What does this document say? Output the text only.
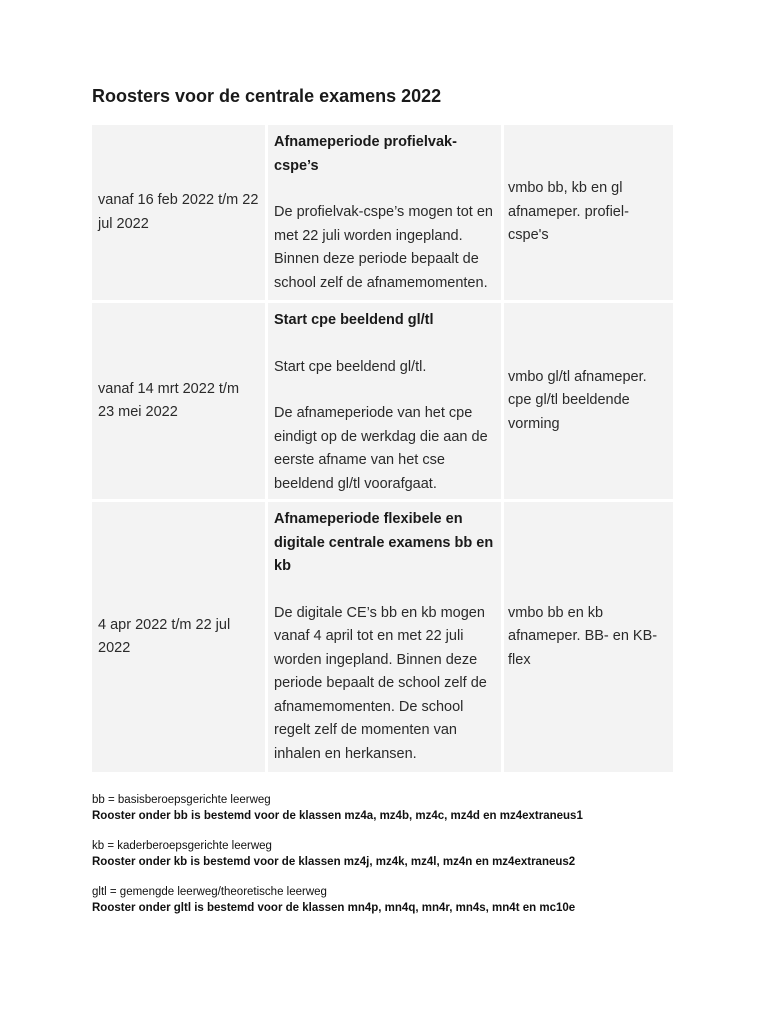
Roosters voor de centrale examens 2022
vanaf 16 feb 2022 t/m 22 jul 2022
Afnameperiode profielvak-cspe’s
De profielvak-cspe’s mogen tot en met 22 juli worden ingepland. Binnen deze periode bepaalt de school zelf de afnamemomenten.
vmbo bb, kb en gl afnameper. profiel-cspe's
vanaf 14 mrt 2022 t/m 23 mei 2022
Start cpe beeldend gl/tl
Start cpe beeldend gl/tl.
De afnameperiode van het cpe eindigt op de werkdag die aan de eerste afname van het cse beeldend gl/tl voorafgaat.
vmbo gl/tl afnameper. cpe gl/tl beeldende vorming
4 apr 2022 t/m 22 jul 2022
Afnameperiode flexibele en digitale centrale examens bb en kb
De digitale CE’s bb en kb mogen vanaf 4 april tot en met 22 juli worden ingepland. Binnen deze periode bepaalt de school zelf de afnamemomenten. De school regelt zelf de momenten van inhalen en herkansen.
vmbo bb en kb afnameper. BB- en KB-flex
bb = basisberoepsgerichte leerweg
Rooster onder bb is bestemd voor de klassen mz4a, mz4b, mz4c, mz4d en mz4extraneus1
kb = kaderberoepsgerichte leerweg
Rooster onder kb is bestemd voor de klassen mz4j, mz4k, mz4l, mz4n en mz4extraneus2
gltl = gemengde leerweg/theoretische leerweg
Rooster onder gltl is bestemd voor de klassen mn4p, mn4q, mn4r, mn4s, mn4t en mc10e
